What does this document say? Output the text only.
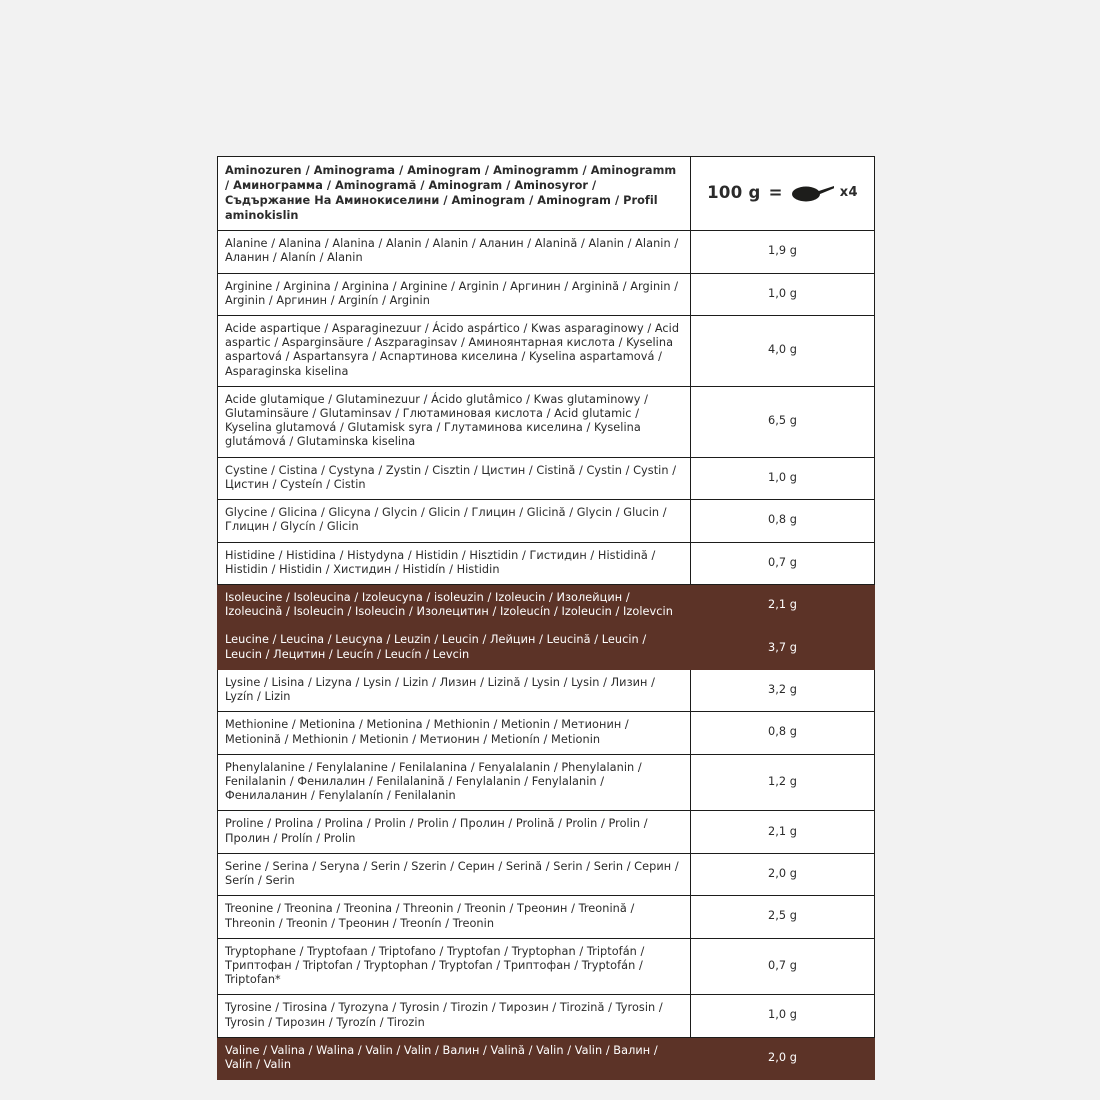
Aminozuren / Aminograma / Aminogram / Aminogramm / Aminogramm / Аминограмма / Aminogramă / Aminogram / Aminosyror / Съдържание На Аминокиселини / Aminogram / Aminogram / Profil aminokislin	100 g = x4

Alanine / Alanina / Alanina / Alanin / Alanin / Аланин / Alanină / Alanin / Alanin / Аланин / Alanín / Alanin	1,9 g
Arginine / Arginina / Arginina / Arginine / Arginin / Аргинин / Arginină / Arginin / Arginin / Аргинин / Arginín / Arginin	1,0 g
Acide aspartique / Asparaginezuur / Ácido aspártico / Kwas asparaginowy / Acid aspartic / Asparginsäure / Aszparaginsav / Аминоянтарная кислота / Kyselina aspartová / Aspartansyra / Аспартинова киселина / Kyselina aspartamová / Asparaginska kiselina	4,0 g
Acide glutamique / Glutaminezuur / Ácido glutâmico / Kwas glutaminowy / Glutaminsäure / Glutaminsav / Глютаминовая кислота / Acid glutamic / Kyselina glutamová / Glutamisk syra / Глутаминова киселина / Kyselina glutámová / Glutaminska kiselina	6,5 g
Cystine / Cistina / Cystyna / Zystin / Cisztin / Цистин / Cistină / Cystin / Cystin / Цистин / Cysteín / Cistin	1,0 g
Glycine / Glicina / Glicyna / Glycin / Glicin / Глицин / Glicină / Glycin / Glucin / Глицин / Glycín / Glicin	0,8 g
Histidine / Histidina / Histydyna / Histidin / Hisztidin / Гистидин / Histidină / Histidin / Histidin / Хистидин / Histidín / Histidin	0,7 g
Isoleucine / Isoleucina / Izoleucyna / isoleuzin / Izoleucin / Изолейцин / Izoleucină / Isoleucin / Isoleucin / Изолецитин / Izoleucín / Izoleucin / Izolevcin	2,1 g
Leucine / Leucina / Leucyna / Leuzin / Leucin / Лейцин / Leucină / Leucin / Leucin / Лецитин / Leucín / Leucín / Levcin	3,7 g
Lysine / Lisina / Lizyna / Lysin / Lizin / Лизин / Lizină / Lysin / Lysin / Лизин / Lyzín / Lizin	3,2 g
Methionine / Metionina / Metionina / Methionin / Metionin / Метионин / Metionină / Methionin / Metionin / Метионин / Metionín / Metionin	0,8 g
Phenylalanine / Fenylalanine / Fenilalanina / Fenyalalanin / Phenylalanin / Fenilalanin / Фенилалин / Fenilalanină / Fenylalanin / Fenylalanin / Фенилаланин / Fenylalanín / Fenilalanin	1,2 g
Proline / Prolina / Prolina / Prolin / Prolin / Пролин / Prolină / Prolin / Prolin / Пролин / Prolín / Prolin	2,1 g
Serine / Serina / Seryna / Serin / Szerin / Серин / Serină / Serin / Serin / Серин / Serín / Serin	2,0 g
Treonine / Treonina / Treonina / Threonin / Treonin / Треонин / Treonină / Threonin / Treonin / Треонин / Treonín / Treonin	2,5 g
Tryptophane / Tryptofaan / Triptofano / Tryptofan / Tryptophan / Triptofán / Триптофан / Triptofan / Tryptophan / Tryptofan / Триптофан / Tryptofán / Triptofan*	0,7 g
Tyrosine / Tirosina / Tyrozyna / Tyrosin / Tirozin / Тирозин / Tirozină / Tyrosin / Tyrosin / Тирозин / Tyrozín / Tirozin	1,0 g
Valine / Valina / Walina / Valin / Valin / Валин / Valină / Valin / Valin / Валин / Valín / Valin	2,0 g
